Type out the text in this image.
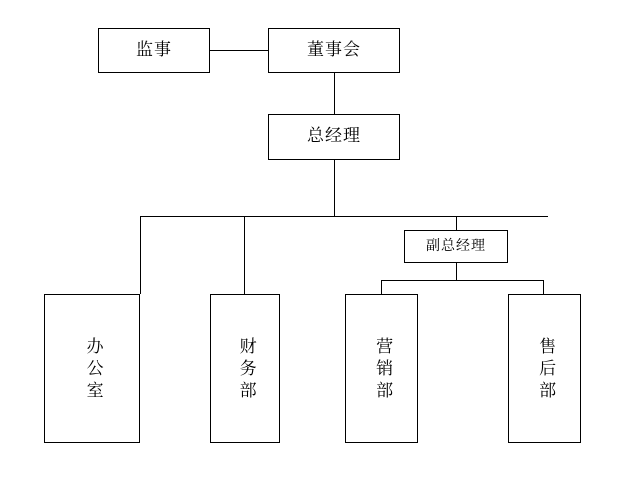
监事	董事会
总经理
副总经理
办公室	财务部	营销部	售后部
